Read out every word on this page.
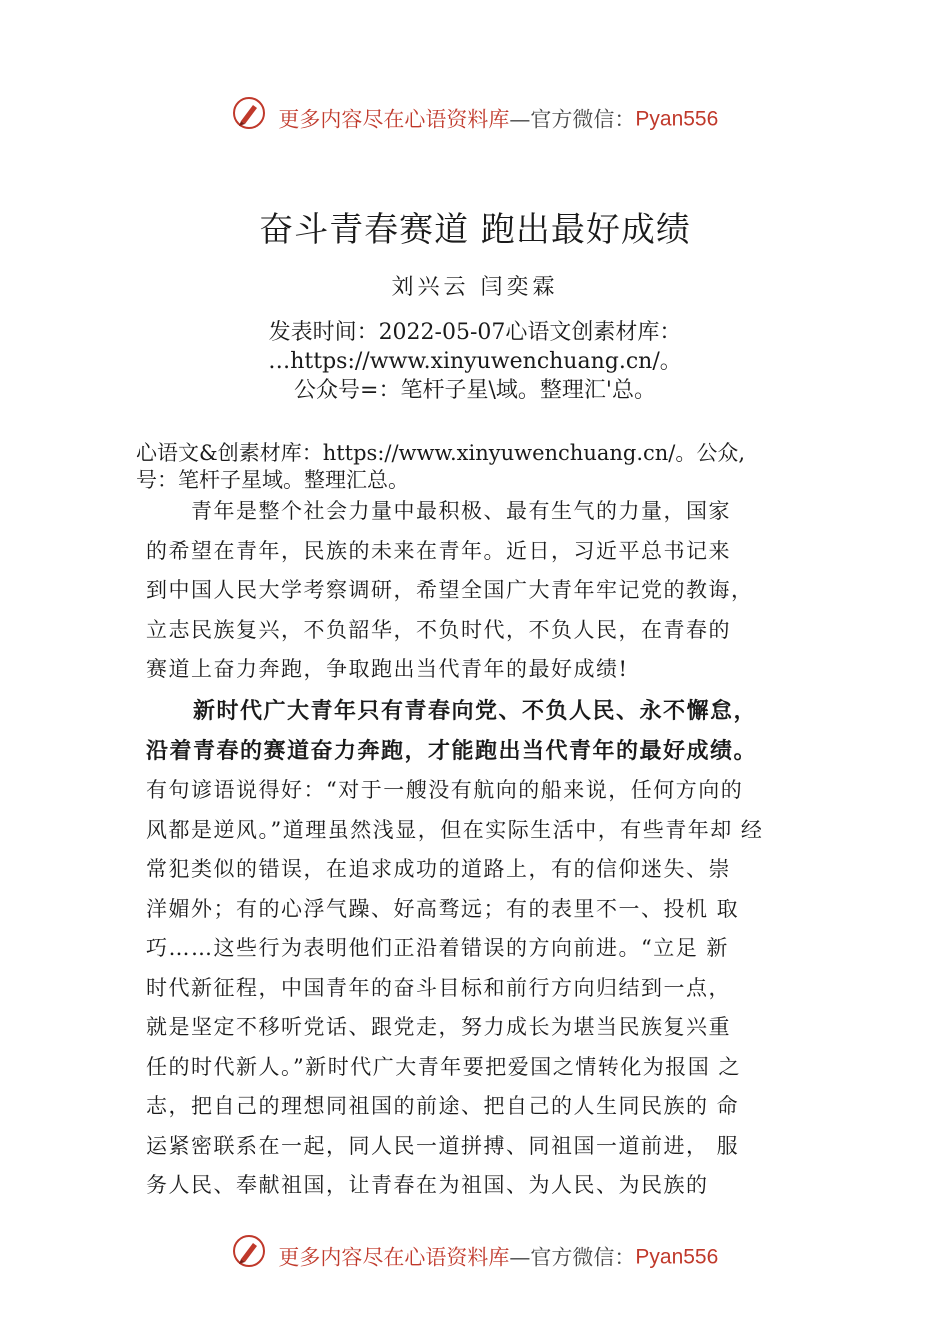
更多内容尽在心语资料库—官方微信：Pyan556
奋斗青春赛道 跑出最好成绩
刘兴云 闫奕霖
发表时间：2022-05-07心语文创素材库：
…https://www.xinyuwenchuang.cn/。
公众号=：笔杆子星\域。整理汇'总。
心语文&创素材库：https://www.xinyuwenchuang.cn/。公众,
号：笔杆子星域。整理汇总。
　　青年是整个社会力量中最积极、最有生气的力量，国家
的希望在青年，民族的未来在青年。近日，习近平总书记来
到中国人民大学考察调研，希望全国广大青年牢记党的教诲，
立志民族复兴，不负韶华，不负时代，不负人民，在青春的
赛道上奋力奔跑，争取跑出当代青年的最好成绩!
　　新时代广大青年只有青春向党、不负人民、永不懈怠，
沿着青春的赛道奋力奔跑，才能跑出当代青年的最好成绩。
有句谚语说得好：“对于一艘没有航向的船来说，任何方向的
风都是逆风。”道理虽然浅显，但在实际生活中，有些青年却 经
常犯类似的错误，在追求成功的道路上，有的信仰迷失、崇
洋媚外；有的心浮气躁、好高骛远；有的表里不一、投机 取
巧……这些行为表明他们正沿着错误的方向前进。“立足 新
时代新征程，中国青年的奋斗目标和前行方向归结到一点，
就是坚定不移听党话、跟党走，努力成长为堪当民族复兴重
任的时代新人。”新时代广大青年要把爱国之情转化为报国 之
志，把自己的理想同祖国的前途、把自己的人生同民族的 命
运紧密联系在一起，同人民一道拼搏、同祖国一道前进， 服
务人民、奉献祖国，让青春在为祖国、为人民、为民族的
更多内容尽在心语资料库—官方微信：Pyan556
